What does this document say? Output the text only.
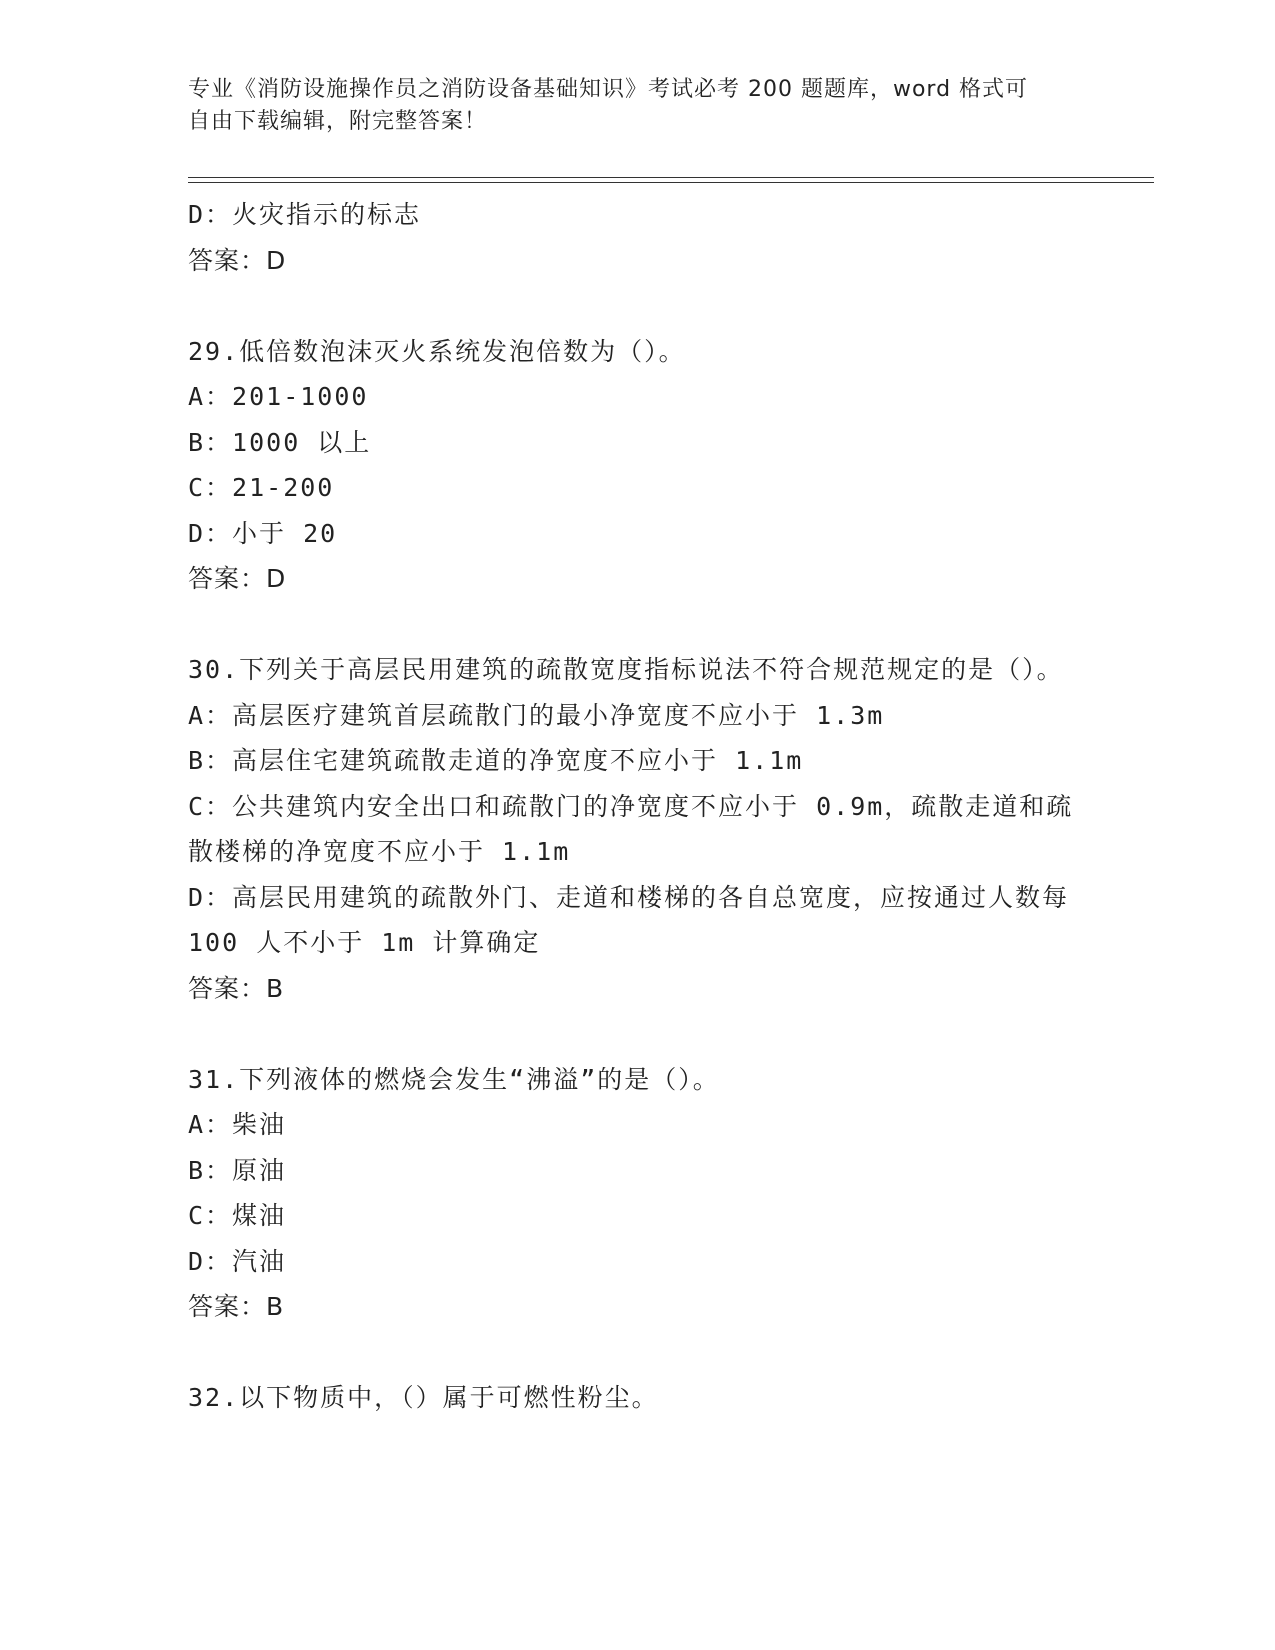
专业《消防设施操作员之消防设备基础知识》考试必考 200 题题库，word 格式可
自由下载编辑，附完整答案！
D：火灾指示的标志
答案：D
29.低倍数泡沫灭火系统发泡倍数为（）。
A：201-1000
B：1000 以上
C：21-200
D：小于 20
答案：D
30.下列关于高层民用建筑的疏散宽度指标说法不符合规范规定的是（）。
A：高层医疗建筑首层疏散门的最小净宽度不应小于 1.3m
B：高层住宅建筑疏散走道的净宽度不应小于 1.1m
C：公共建筑内安全出口和疏散门的净宽度不应小于 0.9m，疏散走道和疏散楼梯的净宽度不应小于 1.1m
D：高层民用建筑的疏散外门、走道和楼梯的各自总宽度，应按通过人数每 100 人不小于 1m 计算确定
答案：B
31.下列液体的燃烧会发生“沸溢”的是（）。
A：柴油
B：原油
C：煤油
D：汽油
答案：B
32.以下物质中，（）属于可燃性粉尘。
